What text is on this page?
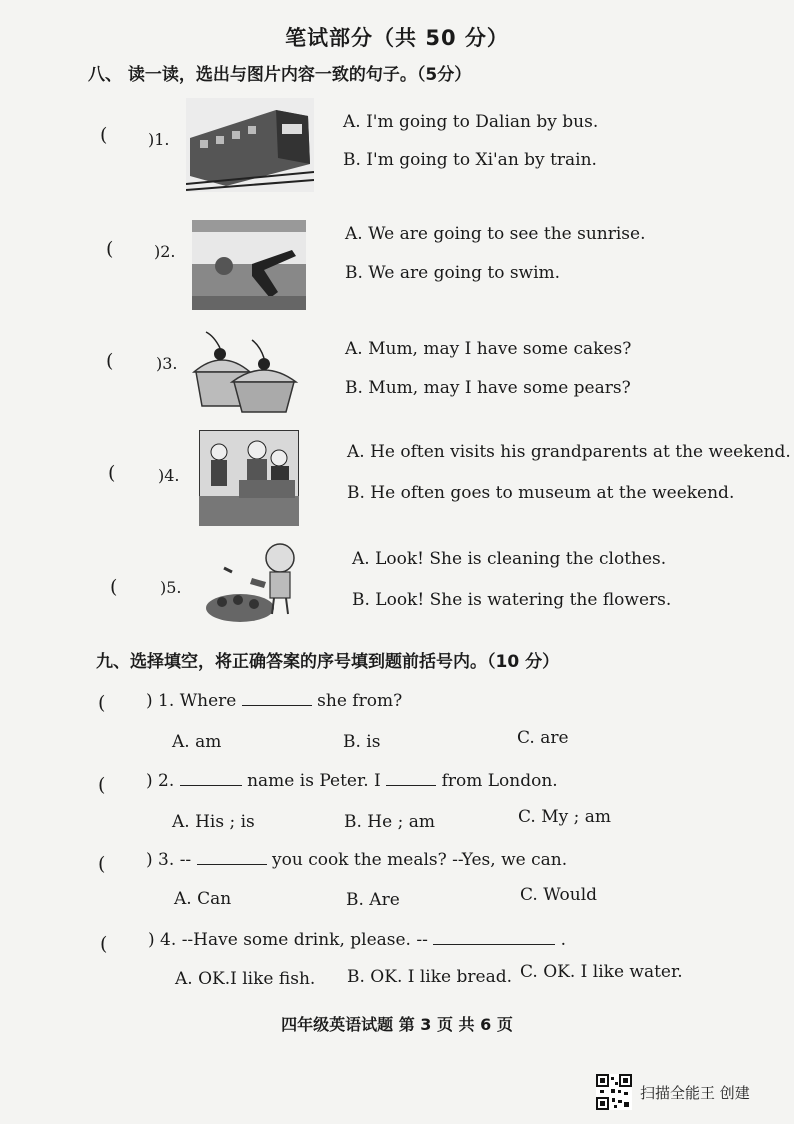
笔试部分（共 50 分）
八、 读一读，选出与图片内容一致的句子。（5分）
(	)1.
A. I'm going to Dalian by bus.
B. I'm going to Xi'an by train.
(	)2.
A. We are going to see the sunrise.
B. We are going to swim.
(	)3.
A. Mum, may I have some cakes?
B. Mum, may I have some pears?
(	)4.
A. He often visits his grandparents at the weekend.
B. He often goes to museum at the weekend.
(	)5.
A. Look! She is cleaning the clothes.
B. Look! She is watering the flowers.
九、选择填空，将正确答案的序号填到题前括号内。（10 分）
( ) 1. Where	she from?
A. am	B. is	C. are
( ) 2.	name is Peter. I	from London.
A. His ; is	B. He ; am	C. My ; am
( ) 3. --	you cook the meals? --Yes, we can.
A. Can	B. Are	C. Would
( ) 4. --Have some drink, please. --	.
A. OK.I like fish. B. OK. I like bread. C. OK. I like water.
四年级英语试题 第 3 页 共 6 页
扫描全能王 创建
